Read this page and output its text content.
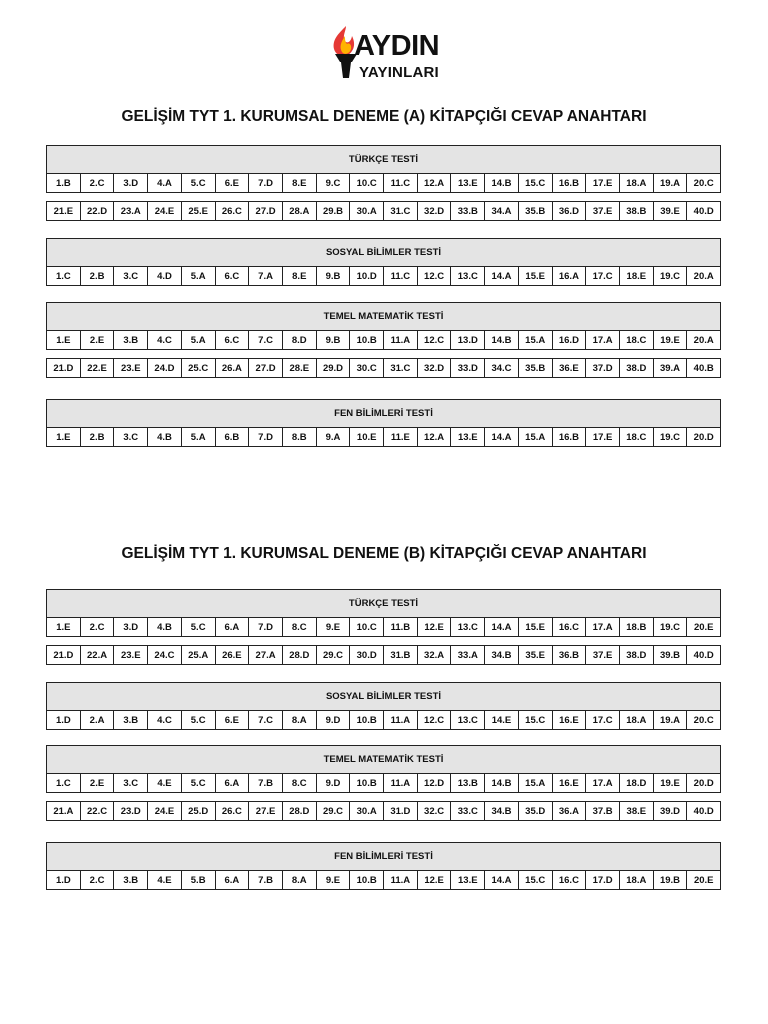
AYDIN
YAYINLARI
GELİŞİM TYT 1. KURUMSAL DENEME (A) KİTAPÇIĞI CEVAP ANAHTARI
TÜRKÇE TESTİ
1.B	2.C	3.D	4.A	5.C	6.E	7.D	8.E	9.C	10.C	11.C	12.A	13.E	14.B	15.C	16.B	17.E	18.A	19.A	20.C
21.E	22.D	23.A	24.E	25.E	26.C	27.D	28.A	29.B	30.A	31.C	32.D	33.B	34.A	35.B	36.D	37.E	38.B	39.E	40.D
SOSYAL BİLİMLER TESTİ
1.C	2.B	3.C	4.D	5.A	6.C	7.A	8.E	9.B	10.D	11.C	12.C	13.C	14.A	15.E	16.A	17.C	18.E	19.C	20.A
TEMEL MATEMATİK TESTİ
1.E	2.E	3.B	4.C	5.A	6.C	7.C	8.D	9.B	10.B	11.A	12.C	13.D	14.B	15.A	16.D	17.A	18.C	19.E	20.A
21.D	22.E	23.E	24.D	25.C	26.A	27.D	28.E	29.D	30.C	31.C	32.D	33.D	34.C	35.B	36.E	37.D	38.D	39.A	40.B
FEN BİLİMLERİ TESTİ
1.E	2.B	3.C	4.B	5.A	6.B	7.D	8.B	9.A	10.E	11.E	12.A	13.E	14.A	15.A	16.B	17.E	18.C	19.C	20.D
GELİŞİM TYT 1. KURUMSAL DENEME (B) KİTAPÇIĞI CEVAP ANAHTARI
TÜRKÇE TESTİ
1.E	2.C	3.D	4.B	5.C	6.A	7.D	8.C	9.E	10.C	11.B	12.E	13.C	14.A	15.E	16.C	17.A	18.B	19.C	20.E
21.D	22.A	23.E	24.C	25.A	26.E	27.A	28.D	29.C	30.D	31.B	32.A	33.A	34.B	35.E	36.B	37.E	38.D	39.B	40.D
SOSYAL BİLİMLER TESTİ
1.D	2.A	3.B	4.C	5.C	6.E	7.C	8.A	9.D	10.B	11.A	12.C	13.C	14.E	15.C	16.E	17.C	18.A	19.A	20.C
TEMEL MATEMATİK TESTİ
1.C	2.E	3.C	4.E	5.C	6.A	7.B	8.C	9.D	10.B	11.A	12.D	13.B	14.B	15.A	16.E	17.A	18.D	19.E	20.D
21.A	22.C	23.D	24.E	25.D	26.C	27.E	28.D	29.C	30.A	31.D	32.C	33.C	34.B	35.D	36.A	37.B	38.E	39.D	40.D
FEN BİLİMLERİ TESTİ
1.D	2.C	3.B	4.E	5.B	6.A	7.B	8.A	9.E	10.B	11.A	12.E	13.E	14.A	15.C	16.C	17.D	18.A	19.B	20.E
